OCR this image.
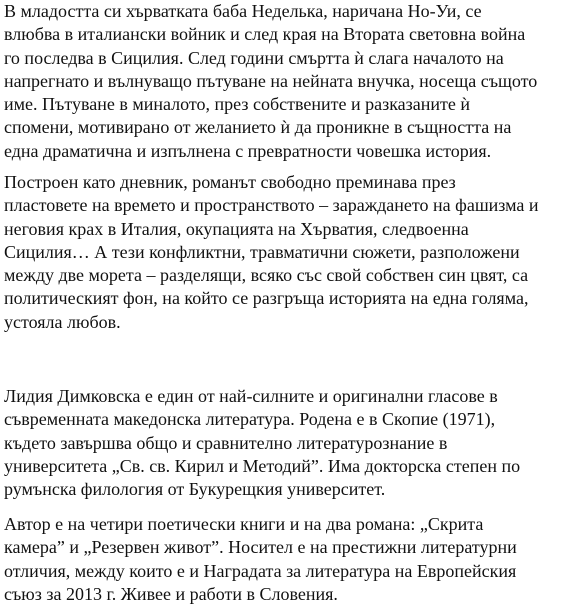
В младостта си хърватката баба Неделька, наричана Но-Уи, се
влюбва в италиански войник и след края на Втората световна война
го последва в Сицилия. След години смъртта ѝ слага началото на
напрегнато и вълнуващо пътуване на нейната внучка, носеща същото
име. Пътуване в миналото, през собствените и разказаните ѝ
спомени, мотивирано от желанието ѝ да проникне в същността на
една драматична и изпълнена с превратности човешка история.
Построен като дневник, романът свободно преминава през
пластовете на времето и пространството – зараждането на фашизма и
неговия крах в Италия, окупацията на Хърватия, следвоенна
Сицилия… А тези конфликтни, травматични сюжети, разположени
между две морета – разделящи, всяко със свой собствен син цвят, са
политическият фон, на който се разгръща историята на една голяма,
устояла любов.
Лидия Димковска е един от най-силните и оригинални гласове в
съвременната македонска литература. Родена е в Скопие (1971),
където завършва общо и сравнително литературознание в
университета „Св. св. Кирил и Методий”. Има докторска степен по
румънска филология от Букурещкия университет.
Автор е на четири поетически книги и на два романа: „Скрита
камера” и „Резервен живот”. Носител е на престижни литературни
отличия, между които е и Наградата за литература на Европейския
съюз за 2013 г. Живее и работи в Словения.
